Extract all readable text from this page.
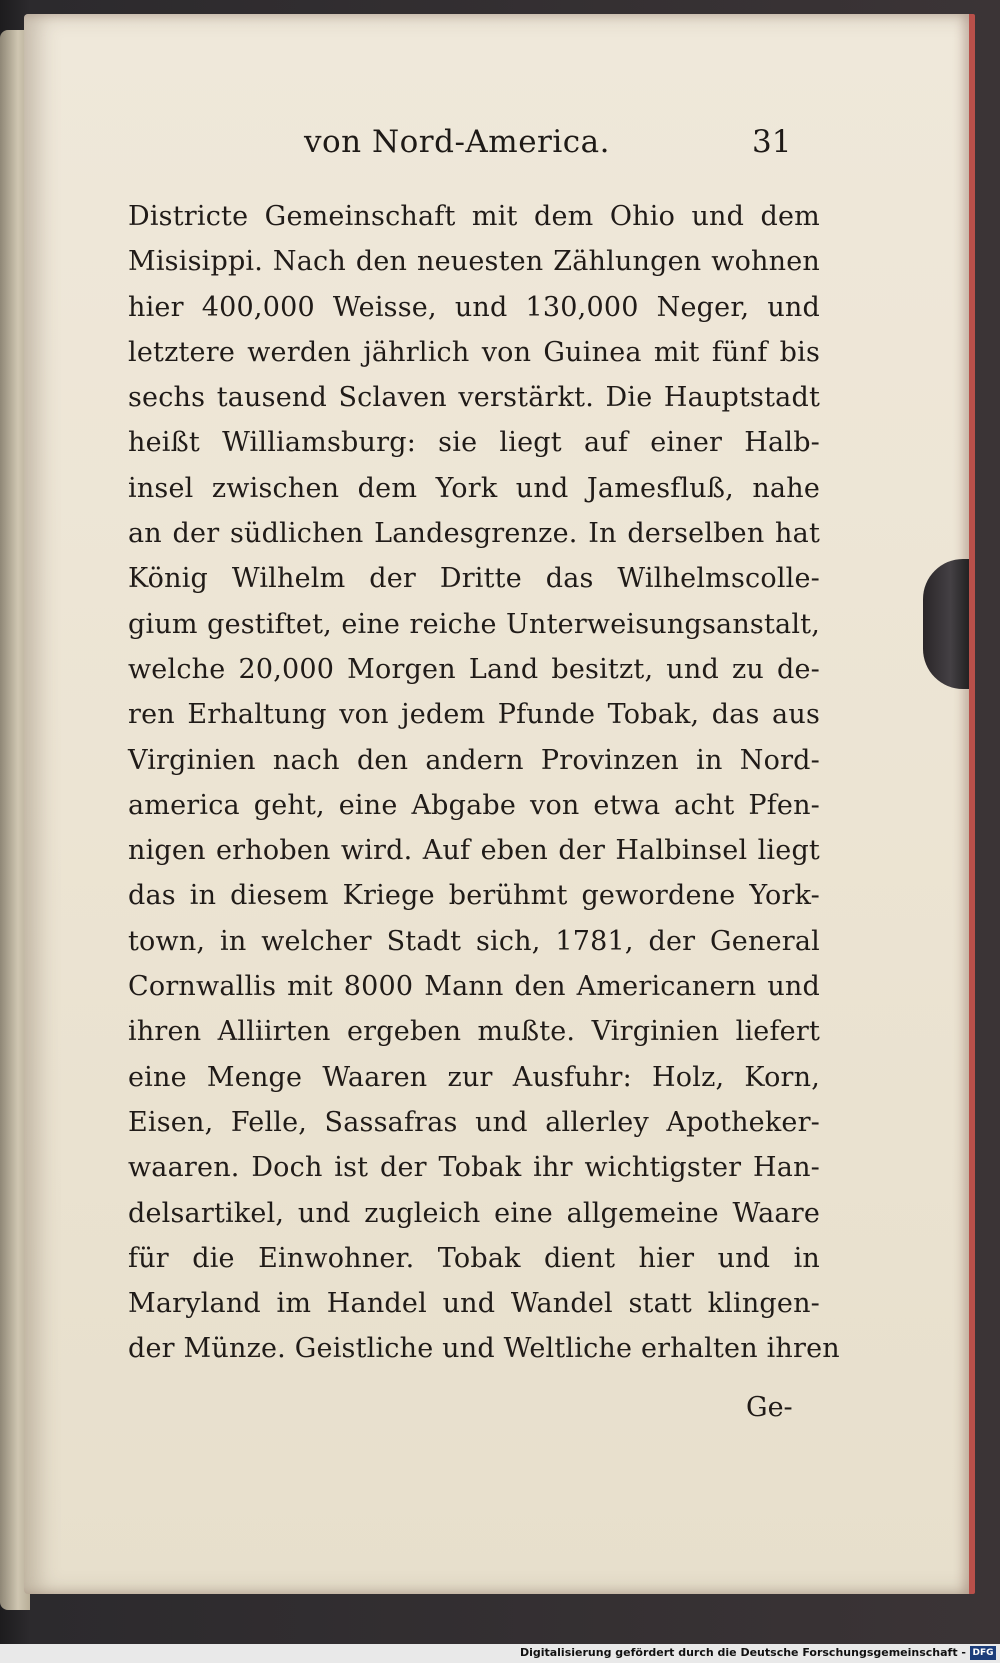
von Nord-America.	31
Districte Gemeinschaft mit dem Ohio und dem
Misisippi. Nach den neuesten Zählungen wohnen
hier 400,000 Weisse, und 130,000 Neger, und
letztere werden jährlich von Guinea mit fünf bis
sechs tausend Sclaven verstärkt. Die Hauptstadt
heißt Williamsburg: sie liegt auf einer Halb-
insel zwischen dem York und Jamesfluß, nahe
an der südlichen Landesgrenze. In derselben hat
König Wilhelm der Dritte das Wilhelmscolle-
gium gestiftet, eine reiche Unterweisungsanstalt,
welche 20,000 Morgen Land besitzt, und zu de-
ren Erhaltung von jedem Pfunde Tobak, das aus
Virginien nach den andern Provinzen in Nord-
america geht, eine Abgabe von etwa acht Pfen-
nigen erhoben wird. Auf eben der Halbinsel liegt
das in diesem Kriege berühmt gewordene York-
town, in welcher Stadt sich, 1781, der General
Cornwallis mit 8000 Mann den Americanern und
ihren Alliirten ergeben mußte. Virginien liefert
eine Menge Waaren zur Ausfuhr: Holz, Korn,
Eisen, Felle, Sassafras und allerley Apotheker-
waaren. Doch ist der Tobak ihr wichtigster Han-
delsartikel, und zugleich eine allgemeine Waare
für die Einwohner. Tobak dient hier und in
Maryland im Handel und Wandel statt klingen-
der Münze. Geistliche und Weltliche erhalten ihren
Ge-
Digitalisierung gefördert durch die Deutsche Forschungsgemeinschaft - DFG
